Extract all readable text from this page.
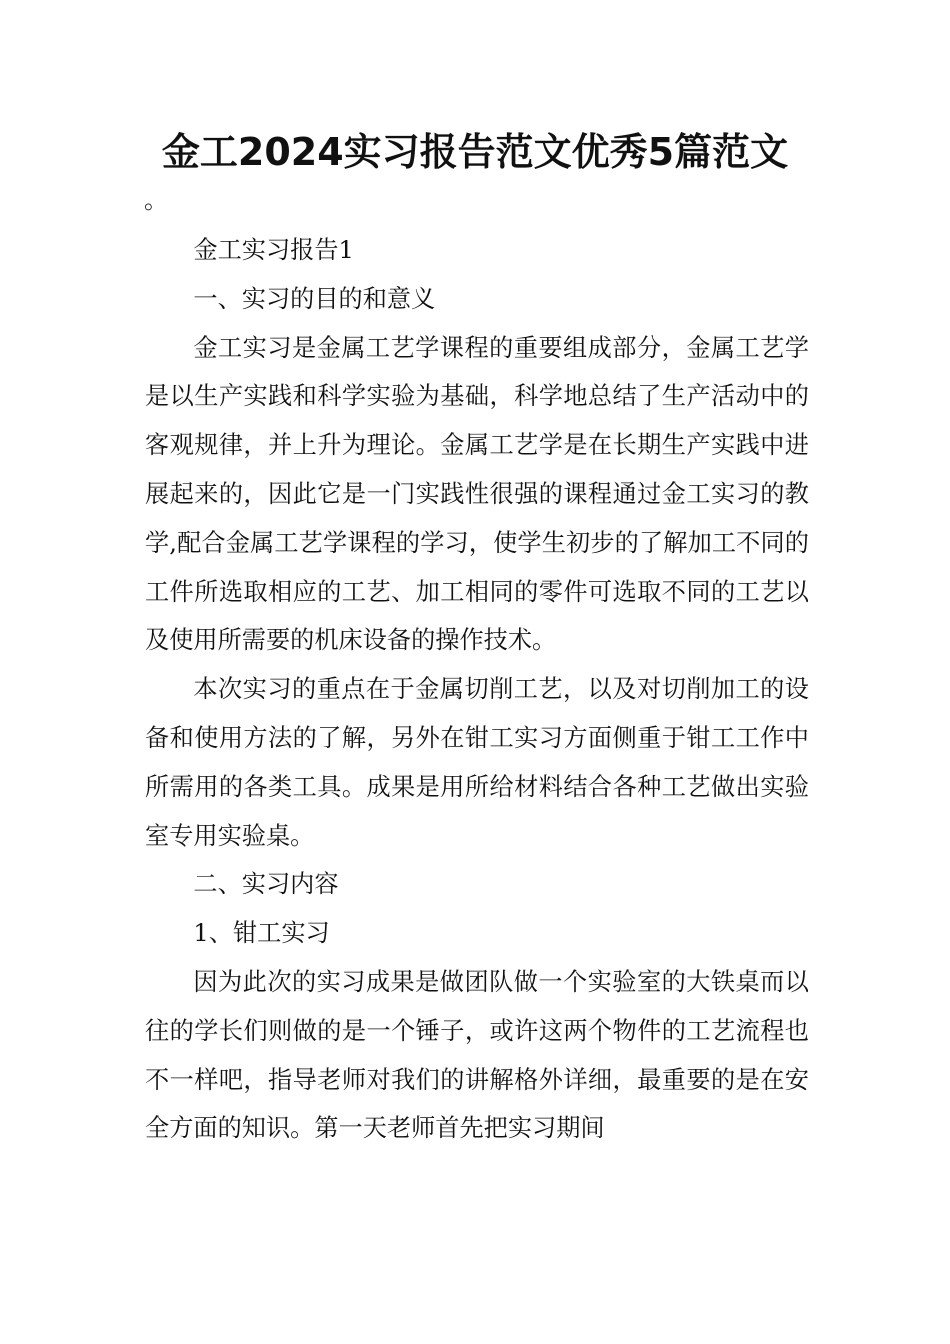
金工2024实习报告范文优秀5篇范文
。

金工实习报告1

一、实习的目的和意义

金工实习是金属工艺学课程的重要组成部分，金属工艺学是以生产实践和科学实验为基础，科学地总结了生产活动中的客观规律，并上升为理论。金属工艺学是在长期生产实践中进展起来的，因此它是一门实践性很强的课程通过金工实习的教学,配合金属工艺学课程的学习，使学生初步的了解加工不同的工件所选取相应的工艺、加工相同的零件可选取不同的工艺以及使用所需要的机床设备的操作技术。

本次实习的重点在于金属切削工艺，以及对切削加工的设备和使用方法的了解，另外在钳工实习方面侧重于钳工工作中所需用的各类工具。成果是用所给材料结合各种工艺做出实验室专用实验桌。

二、实习内容

1、钳工实习

因为此次的实习成果是做团队做一个实验室的大铁桌而以往的学长们则做的是一个锤子，或许这两个物件的工艺流程也不一样吧，指导老师对我们的讲解格外详细，最重要的是在安全方面的知识。第一天老师首先把实习期间
